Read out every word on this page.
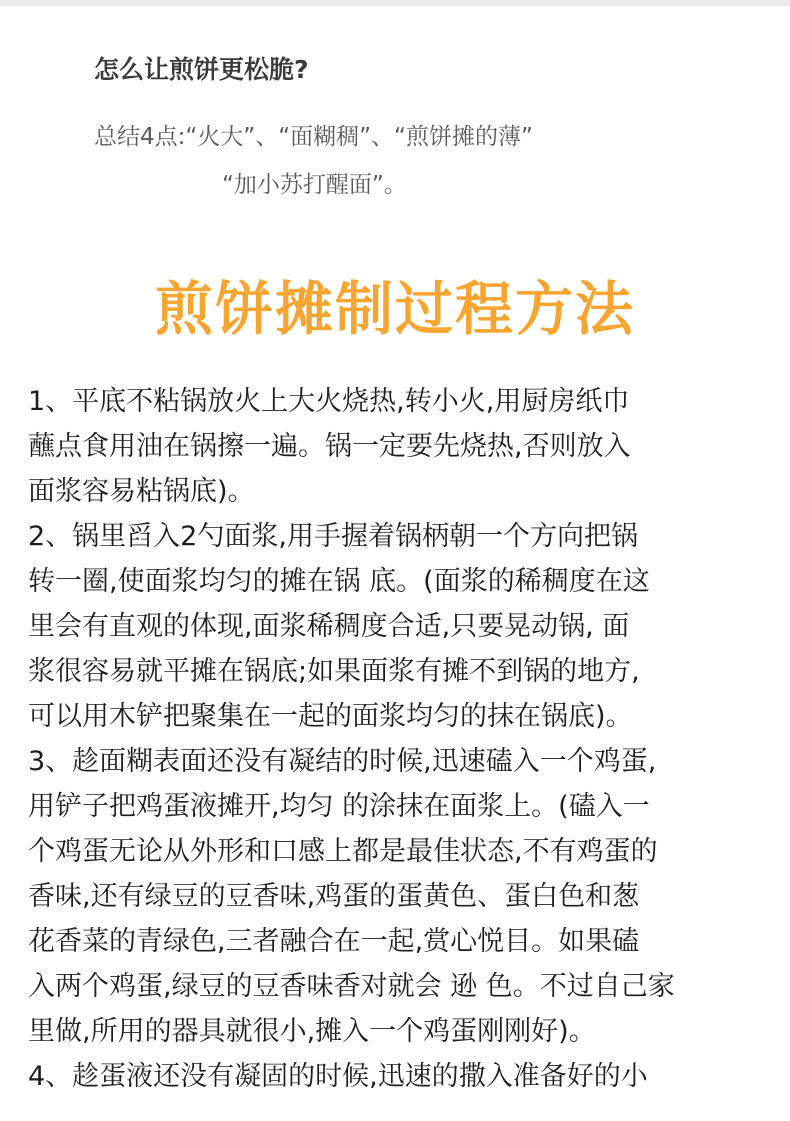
怎么让煎饼更松脆?
总结4点:“火大”、“面糊稠”、“煎饼摊的薄”
“加小苏打醒面”。
煎饼摊制过程方法
1、平底不粘锅放火上大火烧热,转小火,用厨房纸巾
蘸点食用油在锅擦一遍。锅一定要先烧热,否则放入
面浆容易粘锅底)。
2、锅里舀入2勺面浆,用手握着锅柄朝一个方向把锅
转一圈,使面浆均匀的摊在锅 底。(面浆的稀稠度在这
里会有直观的体现,面浆稀稠度合适,只要晃动锅, 面
浆很容易就平摊在锅底;如果面浆有摊不到锅的地方,
可以用木铲把聚集在一起的面浆均匀的抹在锅底)。
3、趁面糊表面还没有凝结的时候,迅速磕入一个鸡蛋,
用铲子把鸡蛋液摊开,均匀 的涂抹在面浆上。(磕入一
个鸡蛋无论从外形和口感上都是最佳状态,不有鸡蛋的
香味,还有绿豆的豆香味,鸡蛋的蛋黄色、蛋白色和葱
花香菜的青绿色,三者融合在一起,赏心悦目。如果磕
入两个鸡蛋,绿豆的豆香味香对就会 逊 色。不过自己家
里做,所用的器具就很小,摊入一个鸡蛋刚刚好)。
4、趁蛋液还没有凝固的时候,迅速的撒入准备好的小
